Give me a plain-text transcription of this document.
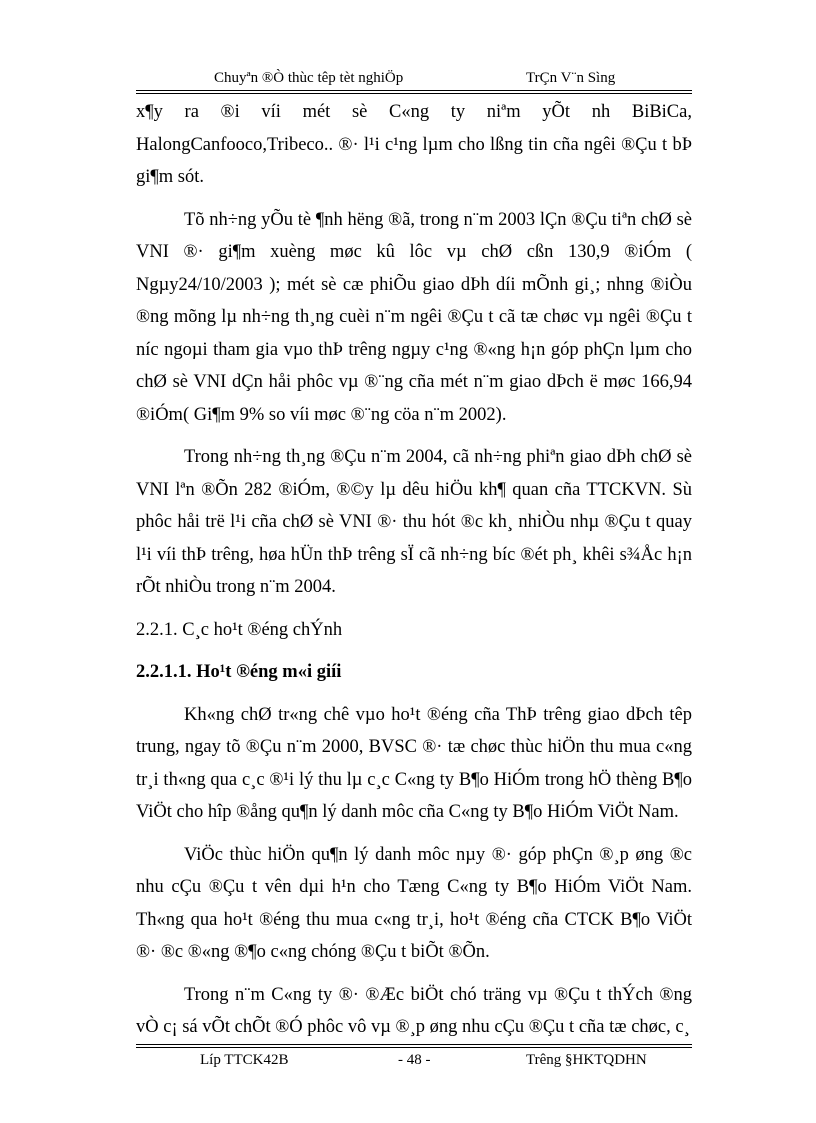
Chuyªn ®Ò thùc têp tèt nghiÖp	TrÇn V¨n Sìng

x¶y ra ®i víi mét sè C«ng ty niªm yÕt nh BiBiCa, HalongCanfooco,Tribeco.. ®· l¹i c¹ng lµm cho lßng tin cña ngêi ®Çu t bÞ gi¶m sót.

Tõ nh÷ng yÕu tè ¶nh hëng ®ã, trong n¨m 2003 lÇn ®Çu tiªn chØ sè VNI ®· gi¶m xuèng møc kû lôc vµ chØ cßn 130,9 ®iÓm ( Ngµy24/10/2003 ); mét sè cæ phiÕu giao dÞh díi mÕnh gi¸; nhng ®iÒu ®ng mõng lµ nh÷ng th¸ng cuèi n¨m ngêi ®Çu t cã tæ chøc vµ ngêi ®Çu t níc ngoµi tham gia vµo thÞ trêng ngµy c¹ng ®«ng h¡n góp phÇn lµm cho chØ sè VNI dÇn håi phôc vµ ®¨ng cña mét n¨m giao dÞch ë møc 166,94 ®iÓm( Gi¶m 9% so víi møc ®¨ng cöa n¨m 2002).

Trong nh÷ng th¸ng ®Çu n¨m 2004, cã nh÷ng phiªn giao dÞh chØ sè VNI lªn ®Õn 282 ®iÓm, ®©y lµ dêu hiÖu kh¶ quan cña TTCKVN. Sù phôc håi trë l¹i cña chØ sè VNI ®· thu hót ®c kh¸ nhiÒu nhµ ®Çu t quay l¹i víi thÞ trêng, høa hÜn thÞ trêng sÏ cã nh÷ng bíc ®ét ph¸ khêi s¾Åc h¡n rÕt nhiÒu trong n¨m 2004.

2.2.1. C¸c ho¹t ®éng chÝnh

2.2.1.1. Ho¹t ®éng m«i giíi

Kh«ng chØ tr«ng chê vµo ho¹t ®éng cña ThÞ trêng giao dÞch têp trung, ngay tõ ®Çu n¨m 2000, BVSC ®· tæ chøc thùc hiÖn thu mua c«ng tr¸i th«ng qua c¸c ®¹i lý thu lµ c¸c C«ng ty B¶o HiÓm trong hÖ thèng B¶o ViÖt cho hîp ®ång qu¶n lý danh môc cña C«ng ty B¶o HiÓm ViÖt Nam.

ViÖc thùc hiÖn qu¶n lý danh môc nµy ®· góp phÇn ®¸p øng ®c nhu cÇu ®Çu t vên dµi h¹n cho Tæng C«ng ty B¶o HiÓm ViÖt Nam. Th«ng qua ho¹t ®éng thu mua c«ng tr¸i, ho¹t ®éng cña CTCK B¶o ViÖt ®· ®c ®«ng ®¶o c«ng chóng ®Çu t biÕt ®Õn.

Trong n¨m C«ng ty ®· ®Æc biÖt chó träng vµ ®Çu t thÝch ®ng vÒ c¡ sá vÕt chÕt ®Ó phôc vô vµ ®¸p øng nhu cÇu ®Çu t cña tæ chøc, c¸

Líp TTCK42B	- 48 -	Trêng §HKTQDHN
